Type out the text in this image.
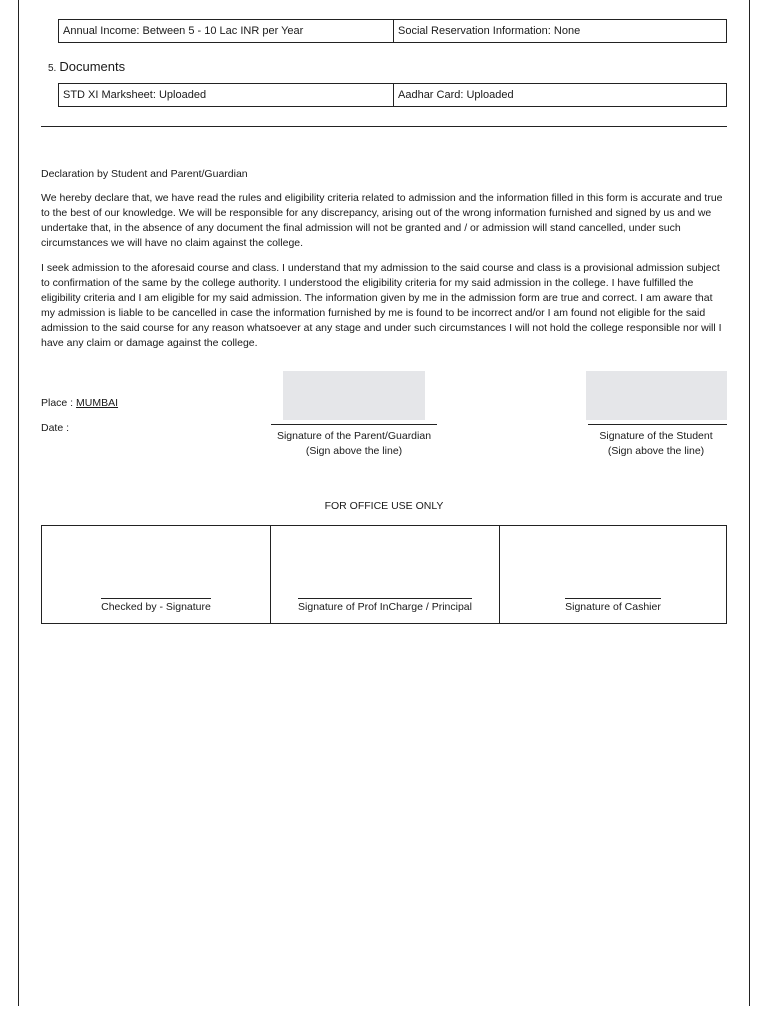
Annual Income: Between 5 - 10 Lac INR per Year	Social Reservation Information: None
5. Documents
STD XI Marksheet: Uploaded	Aadhar Card: Uploaded
Declaration by Student and Parent/Guardian

We hereby declare that, we have read the rules and eligibility criteria related to admission and the information filled in this form is accurate and true to the best of our knowledge. We will be responsible for any discrepancy, arising out of the wrong information furnished and signed by us and we undertake that, in the absence of any document the final admission will not be granted and / or admission will stand cancelled, under such circumstances we will have no claim against the college.

I seek admission to the aforesaid course and class. I understand that my admission to the said course and class is a provisional admission subject to confirmation of the same by the college authority. I understood the eligibility criteria for my said admission in the college. I have fulfilled the eligibility criteria and I am eligible for my said admission. The information given by me in the admission form are true and correct. I am aware that my admission is liable to be cancelled in case the information furnished by me is found to be incorrect and/or I am found not eligible for the said admission to the said course for any reason whatsoever at any stage and under such circumstances I will not hold the college responsible nor will I have any claim or damage against the college.

Place : MUMBAI
Date :
Signature of the Parent/Guardian
(Sign above the line)
Signature of the Student
(Sign above the line)
FOR OFFICE USE ONLY
Checked by - Signature	Signature of Prof InCharge / Principal	Signature of Cashier
